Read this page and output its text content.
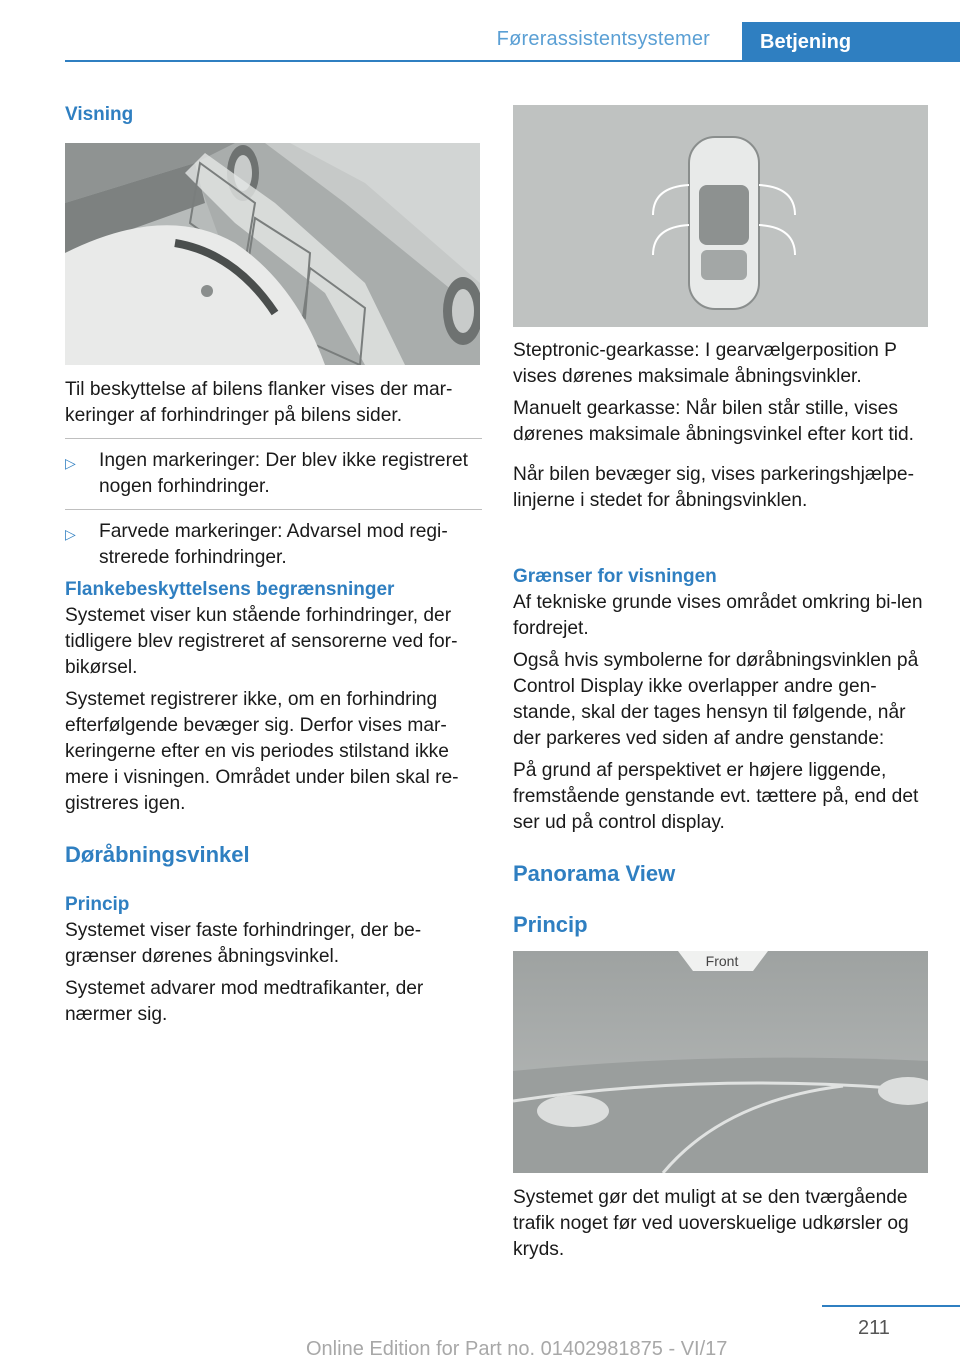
Førerassistentsystemer	Betjening
Visning

Til beskyttelse af bilens flanker vises der mar-keringer af forhindringer på bilens sider.

▷	Ingen markeringer: Der blev ikke registreret nogen forhindringer.
▷	Farvede markeringer: Advarsel mod regi-strerede forhindringer.
Flankebeskyttelsens begrænsninger

Systemet viser kun stående forhindringer, der tidligere blev registreret af sensorerne ved for-bikørsel.

Systemet registrerer ikke, om en forhindring efterfølgende bevæger sig. Derfor vises mar-keringerne efter en vis periodes stilstand ikke mere i visningen. Området under bilen skal re-gistreres igen.

Døråbningsvinkel
Princip

Systemet viser faste forhindringer, der be-grænser dørenes åbningsvinkel.

Systemet advarer mod medtrafikanter, der nærmer sig.

Steptronic-gearkasse: I gearvælgerposition P vises dørenes maksimale åbningsvinkler.

Manuelt gearkasse: Når bilen står stille, vises dørenes maksimale åbningsvinkel efter kort tid.

Når bilen bevæger sig, vises parkeringshjælpe-linjerne i stedet for åbningsvinklen.

Grænser for visningen

Af tekniske grunde vises området omkring bi-len fordrejet.

Også hvis symbolerne for døråbningsvinklen på Control Display ikke overlapper andre gen-stande, skal der tages hensyn til følgende, når der parkeres ved siden af andre genstande:

På grund af perspektivet er højere liggende, fremstående genstande evt. tættere på, end det ser ud på control display.

Panorama View
Princip
Front

Systemet gør det muligt at se den tværgående trafik noget før ved uoverskuelige udkørsler og kryds.

211
Online Edition for Part no. 01402981875 - VI/17
